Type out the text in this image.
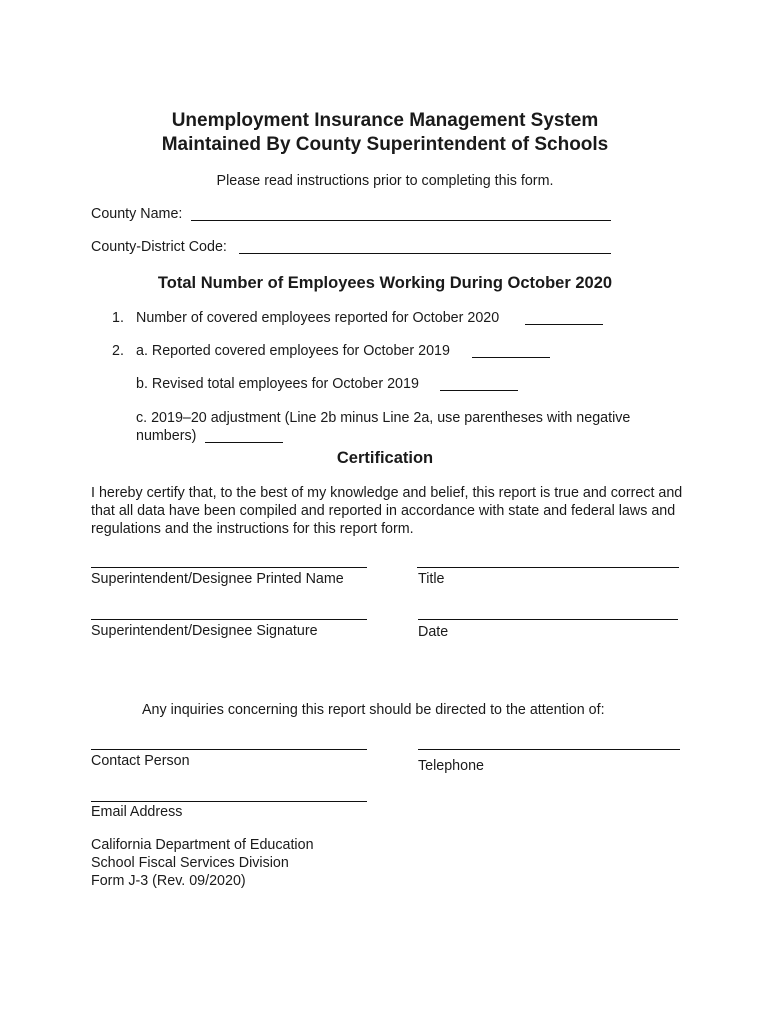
Unemployment Insurance Management System
Maintained By County Superintendent of Schools
Please read instructions prior to completing this form.
County Name:
County-District Code:
Total Number of Employees Working During October 2020
1. Number of covered employees reported for October 2020
2. a. Reported covered employees for October 2019
b. Revised total employees for October 2019
c. 2019–20 adjustment (Line 2b minus Line 2a, use parentheses with negative
numbers)
Certification
I hereby certify that, to the best of my knowledge and belief, this report is true and correct and that all data have been compiled and reported in accordance with state and federal laws and regulations and the instructions for this report form.
Superintendent/Designee Printed Name	Title
Superintendent/Designee Signature	Date
Any inquiries concerning this report should be directed to the attention of:
Contact Person	Telephone
Email Address
California Department of Education
School Fiscal Services Division
Form J-3 (Rev. 09/2020)
